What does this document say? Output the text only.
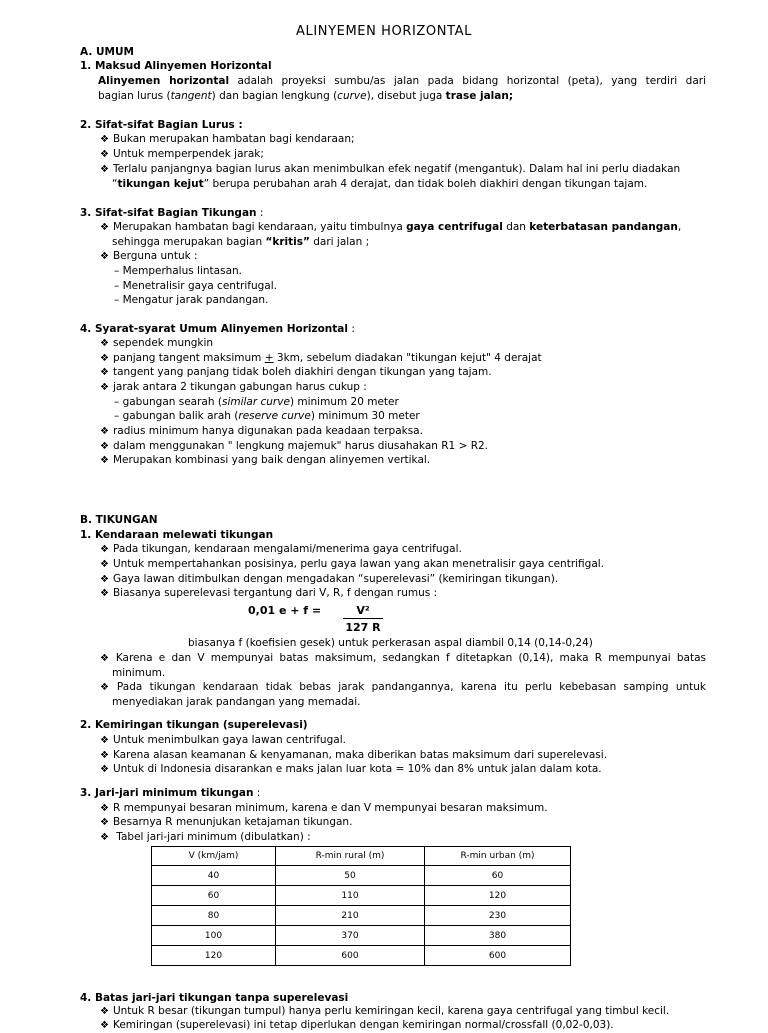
ALINYEMEN HORIZONTAL
A. UMUM
1. Maksud Alinyemen Horizontal
Alinyemen horizontal adalah proyeksi sumbu/as jalan pada bidang horizontal (peta), yang terdiri dari
bagian lurus (tangent) dan bagian lengkung (curve), disebut juga trase jalan;
2. Sifat-sifat Bagian Lurus :
❖ Bukan merupakan hambatan bagi kendaraan;
❖ Untuk memperpendek jarak;
❖ Terlalu panjangnya bagian lurus akan menimbulkan efek negatif (mengantuk). Dalam hal ini perlu diadakan
“tikungan kejut” berupa perubahan arah 4 derajat, dan tidak boleh diakhiri dengan tikungan tajam.
3. Sifat-sifat Bagian Tikungan :
❖ Merupakan hambatan bagi kendaraan, yaitu timbulnya gaya centrifugal dan keterbatasan pandangan,
sehingga merupakan bagian “kritis” dari jalan ;
❖ Berguna untuk :
– Memperhalus lintasan.
– Menetralisir gaya centrifugal.
– Mengatur jarak pandangan.
4. Syarat-syarat Umum Alinyemen Horizontal :
❖ sependek mungkin
❖ panjang tangent maksimum + 3km, sebelum diadakan "tikungan kejut" 4 derajat
❖ tangent yang panjang tidak boleh diakhiri dengan tikungan yang tajam.
❖ jarak antara 2 tikungan gabungan harus cukup :
– gabungan searah (similar curve) minimum 20 meter
– gabungan balik arah (reserve curve) minimum 30 meter
❖ radius minimum hanya digunakan pada keadaan terpaksa.
❖ dalam menggunakan " lengkung majemuk" harus diusahakan R1 > R2.
❖ Merupakan kombinasi yang baik dengan alinyemen vertikal.
B. TIKUNGAN
1. Kendaraan melewati tikungan
❖ Pada tikungan, kendaraan mengalami/menerima gaya centrifugal.
❖ Untuk mempertahankan posisinya, perlu gaya lawan yang akan menetralisir gaya centrifigal.
❖ Gaya lawan ditimbulkan dengan mengadakan “superelevasi” (kemiringan tikungan).
❖ Biasanya superelevasi tergantung dari V, R, f dengan rumus :
0,01 e + f =	V²
127 R
biasanya f (koefisien gesek) untuk perkerasan aspal diambil 0,14 (0,14-0,24)
❖ Karena e dan V mempunyai batas maksimum, sedangkan f ditetapkan (0,14), maka R mempunyai batas
minimum.
❖ Pada tikungan kendaraan tidak bebas jarak pandangannya, karena itu perlu kebebasan samping untuk
menyediakan jarak pandangan yang memadai.
2. Kemiringan tikungan (superelevasi)
❖ Untuk menimbulkan gaya lawan centrifugal.
❖ Karena alasan keamanan & kenyamanan, maka diberikan batas maksimum dari superelevasi.
❖ Untuk di Indonesia disarankan e maks jalan luar kota = 10% dan 8% untuk jalan dalam kota.
3. Jari-jari minimum tikungan :
❖ R mempunyai besaran minimum, karena e dan V mempunyai besaran maksimum.
❖ Besarnya R menunjukan ketajaman tikungan.
❖ Tabel jari-jari minimum (dibulatkan) :
V (km/jam)	R-min rural (m)	R-min urban (m)
40	50	60
60	110	120
80	210	230
100	370	380
120	600	600
4. Batas jari-jari tikungan tanpa superelevasi
❖ Untuk R besar (tikungan tumpul) hanya perlu kemiringan kecil, karena gaya centrifugal yang timbul kecil.
❖ Kemiringan (superelevasi) ini tetap diperlukan dengan kemiringan normal/crossfall (0,02-0,03).
